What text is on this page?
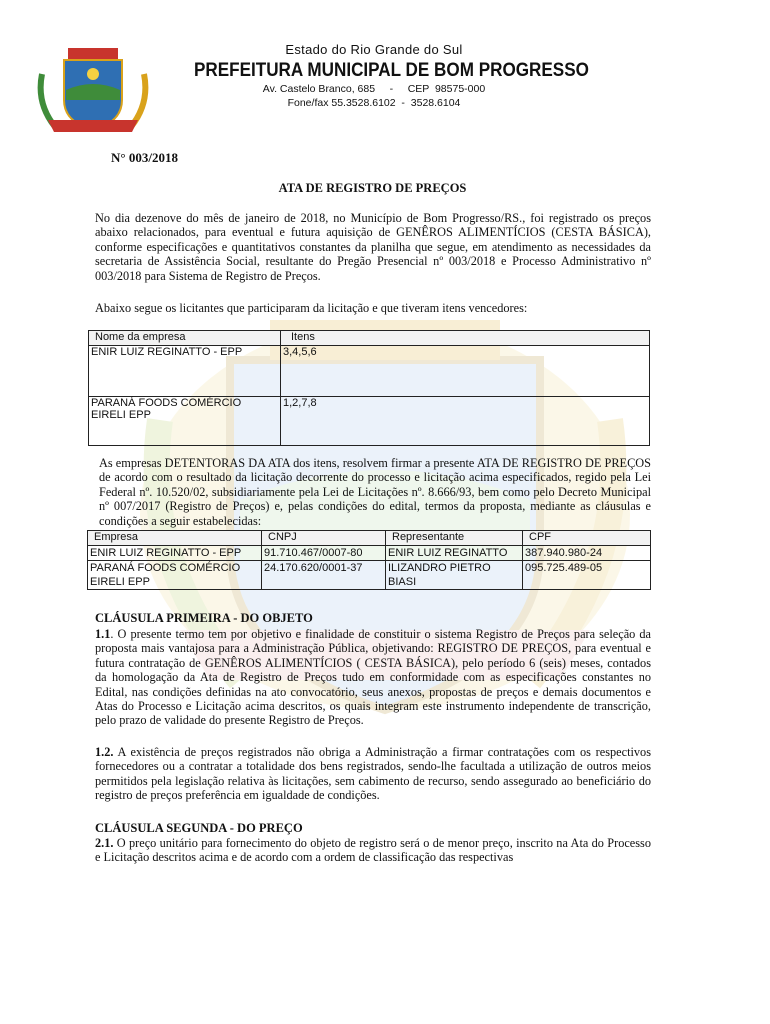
Estado do Rio Grande do Sul
PREFEITURA MUNICIPAL DE BOM PROGRESSO
Av. Castelo Branco, 685     -     CEP  98575-000
Fone/fax 55.3528.6102  -  3528.6104
N° 003/2018
ATA DE REGISTRO DE PREÇOS
No dia dezenove do mês de janeiro de 2018, no Município de Bom Progresso/RS., foi registrado os preços abaixo relacionados, para eventual e futura aquisição de GENÊROS ALIMENTÍCIOS (CESTA BÁSICA), conforme especificações e quantitativos constantes da planilha que segue, em atendimento as necessidades da secretaria de Assistência Social, resultante do Pregão Presencial nº 003/2018 e Processo Administrativo nº 003/2018 para Sistema de Registro de Preços.
Abaixo segue os licitantes que participaram da licitação e que tiveram itens vencedores:
Nome da empresa	Itens
ENIR LUIZ REGINATTO - EPP	3,4,5,6
PARANÁ FOODS COMÉRCIO EIRELI EPP	1,2,7,8
As empresas DETENTORAS DA ATA dos itens, resolvem firmar a presente ATA DE REGISTRO DE PREÇOS de acordo com o resultado da licitação decorrente do processo e licitação acima especificados, regido pela Lei Federal nº. 10.520/02, subsidiariamente pela Lei de Licitações nº. 8.666/93, bem como pelo Decreto Municipal nº 007/2017 (Registro de Preços) e, pelas condições do edital, termos da proposta, mediante as cláusulas e condições a seguir estabelecidas:
Empresa	CNPJ	Representante	CPF
ENIR LUIZ REGINATTO - EPP	91.710.467/0007-80	ENIR LUIZ REGINATTO	387.940.980-24
PARANÁ FOODS COMÉRCIO EIRELI EPP	24.170.620/0001-37	ILIZANDRO PIETRO BIASI	095.725.489-05
CLÁUSULA PRIMEIRA - DO OBJETO
1.1. O presente termo tem por objetivo e finalidade de constituir o sistema Registro de Preços para seleção da proposta mais vantajosa para a Administração Pública, objetivando: REGISTRO DE PREÇOS, para eventual e futura contratação de GENÊROS ALIMENTÍCIOS ( CESTA BÁSICA), pelo período 6 (seis) meses, contados da homologação da Ata de Registro de Preços tudo em conformidade com as especificações constantes no Edital, nas condições definidas na ato convocatório, seus anexos, propostas de preços e demais documentos e Atas do Processo e Licitação acima descritos, os quais integram este instrumento independente de transcrição, pelo prazo de validade do presente Registro de Preços.
1.2. A existência de preços registrados não obriga a Administração a firmar contratações com os respectivos fornecedores ou a contratar a totalidade dos bens registrados, sendo-lhe facultada a utilização de outros meios permitidos pela legislação relativa às licitações, sem cabimento de recurso, sendo assegurado ao beneficiário do registro de preços preferência em igualdade de condições.
CLÁUSULA SEGUNDA - DO PREÇO
2.1. O preço unitário para fornecimento do objeto de registro será o de menor preço, inscrito na Ata do Processo e Licitação descritos acima e de acordo com a ordem de classificação das respectivas
